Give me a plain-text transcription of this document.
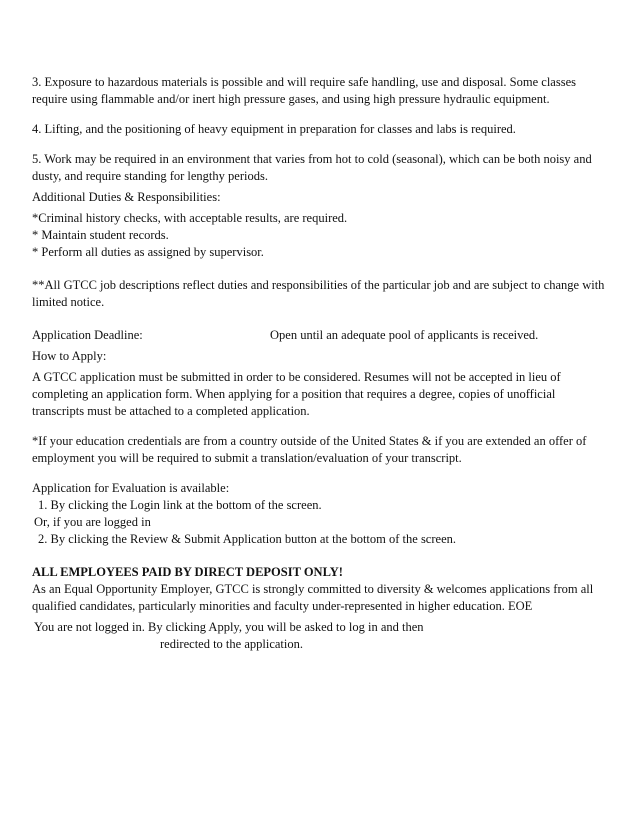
3. Exposure to hazardous materials is possible and will require safe handling, use and disposal. Some classes
require using flammable and/or inert high pressure gases, and using high pressure hydraulic equipment.
4. Lifting, and the positioning of heavy equipment in preparation for classes and labs is required.
5. Work may be required in an environment that varies from hot to cold (seasonal), which can be both noisy and
dusty, and require standing for lengthy periods.
Additional Duties & Responsibilities:
*Criminal history checks, with acceptable results, are required.
* Maintain student records.
* Perform all duties as assigned by supervisor.
**All GTCC job descriptions reflect duties and responsibilities of the particular job and are subject to change with
limited notice.
Application Deadline:	Open until an adequate pool of applicants is received.
How to Apply:
A GTCC application must be submitted in order to be considered. Resumes will not be accepted in lieu of
completing an application form. When applying for a position that requires a degree, copies of unofficial
transcripts must be attached to a completed application.
*If your education credentials are from a country outside of the United States & if you are extended an offer of
employment you will be required to submit a translation/evaluation of your transcript.
Application for Evaluation is available:
1. By clicking the Login link at the bottom of the screen.
Or, if you are logged in
2. By clicking the Review & Submit Application button at the bottom of the screen.
ALL EMPLOYEES PAID BY DIRECT DEPOSIT ONLY!
As an Equal Opportunity Employer, GTCC is strongly committed to diversity & welcomes applications from all
qualified candidates, particularly minorities and faculty under-represented in higher education. EOE
You are not logged in. By clicking Apply, you will be asked to log in and then
redirected to the application.
